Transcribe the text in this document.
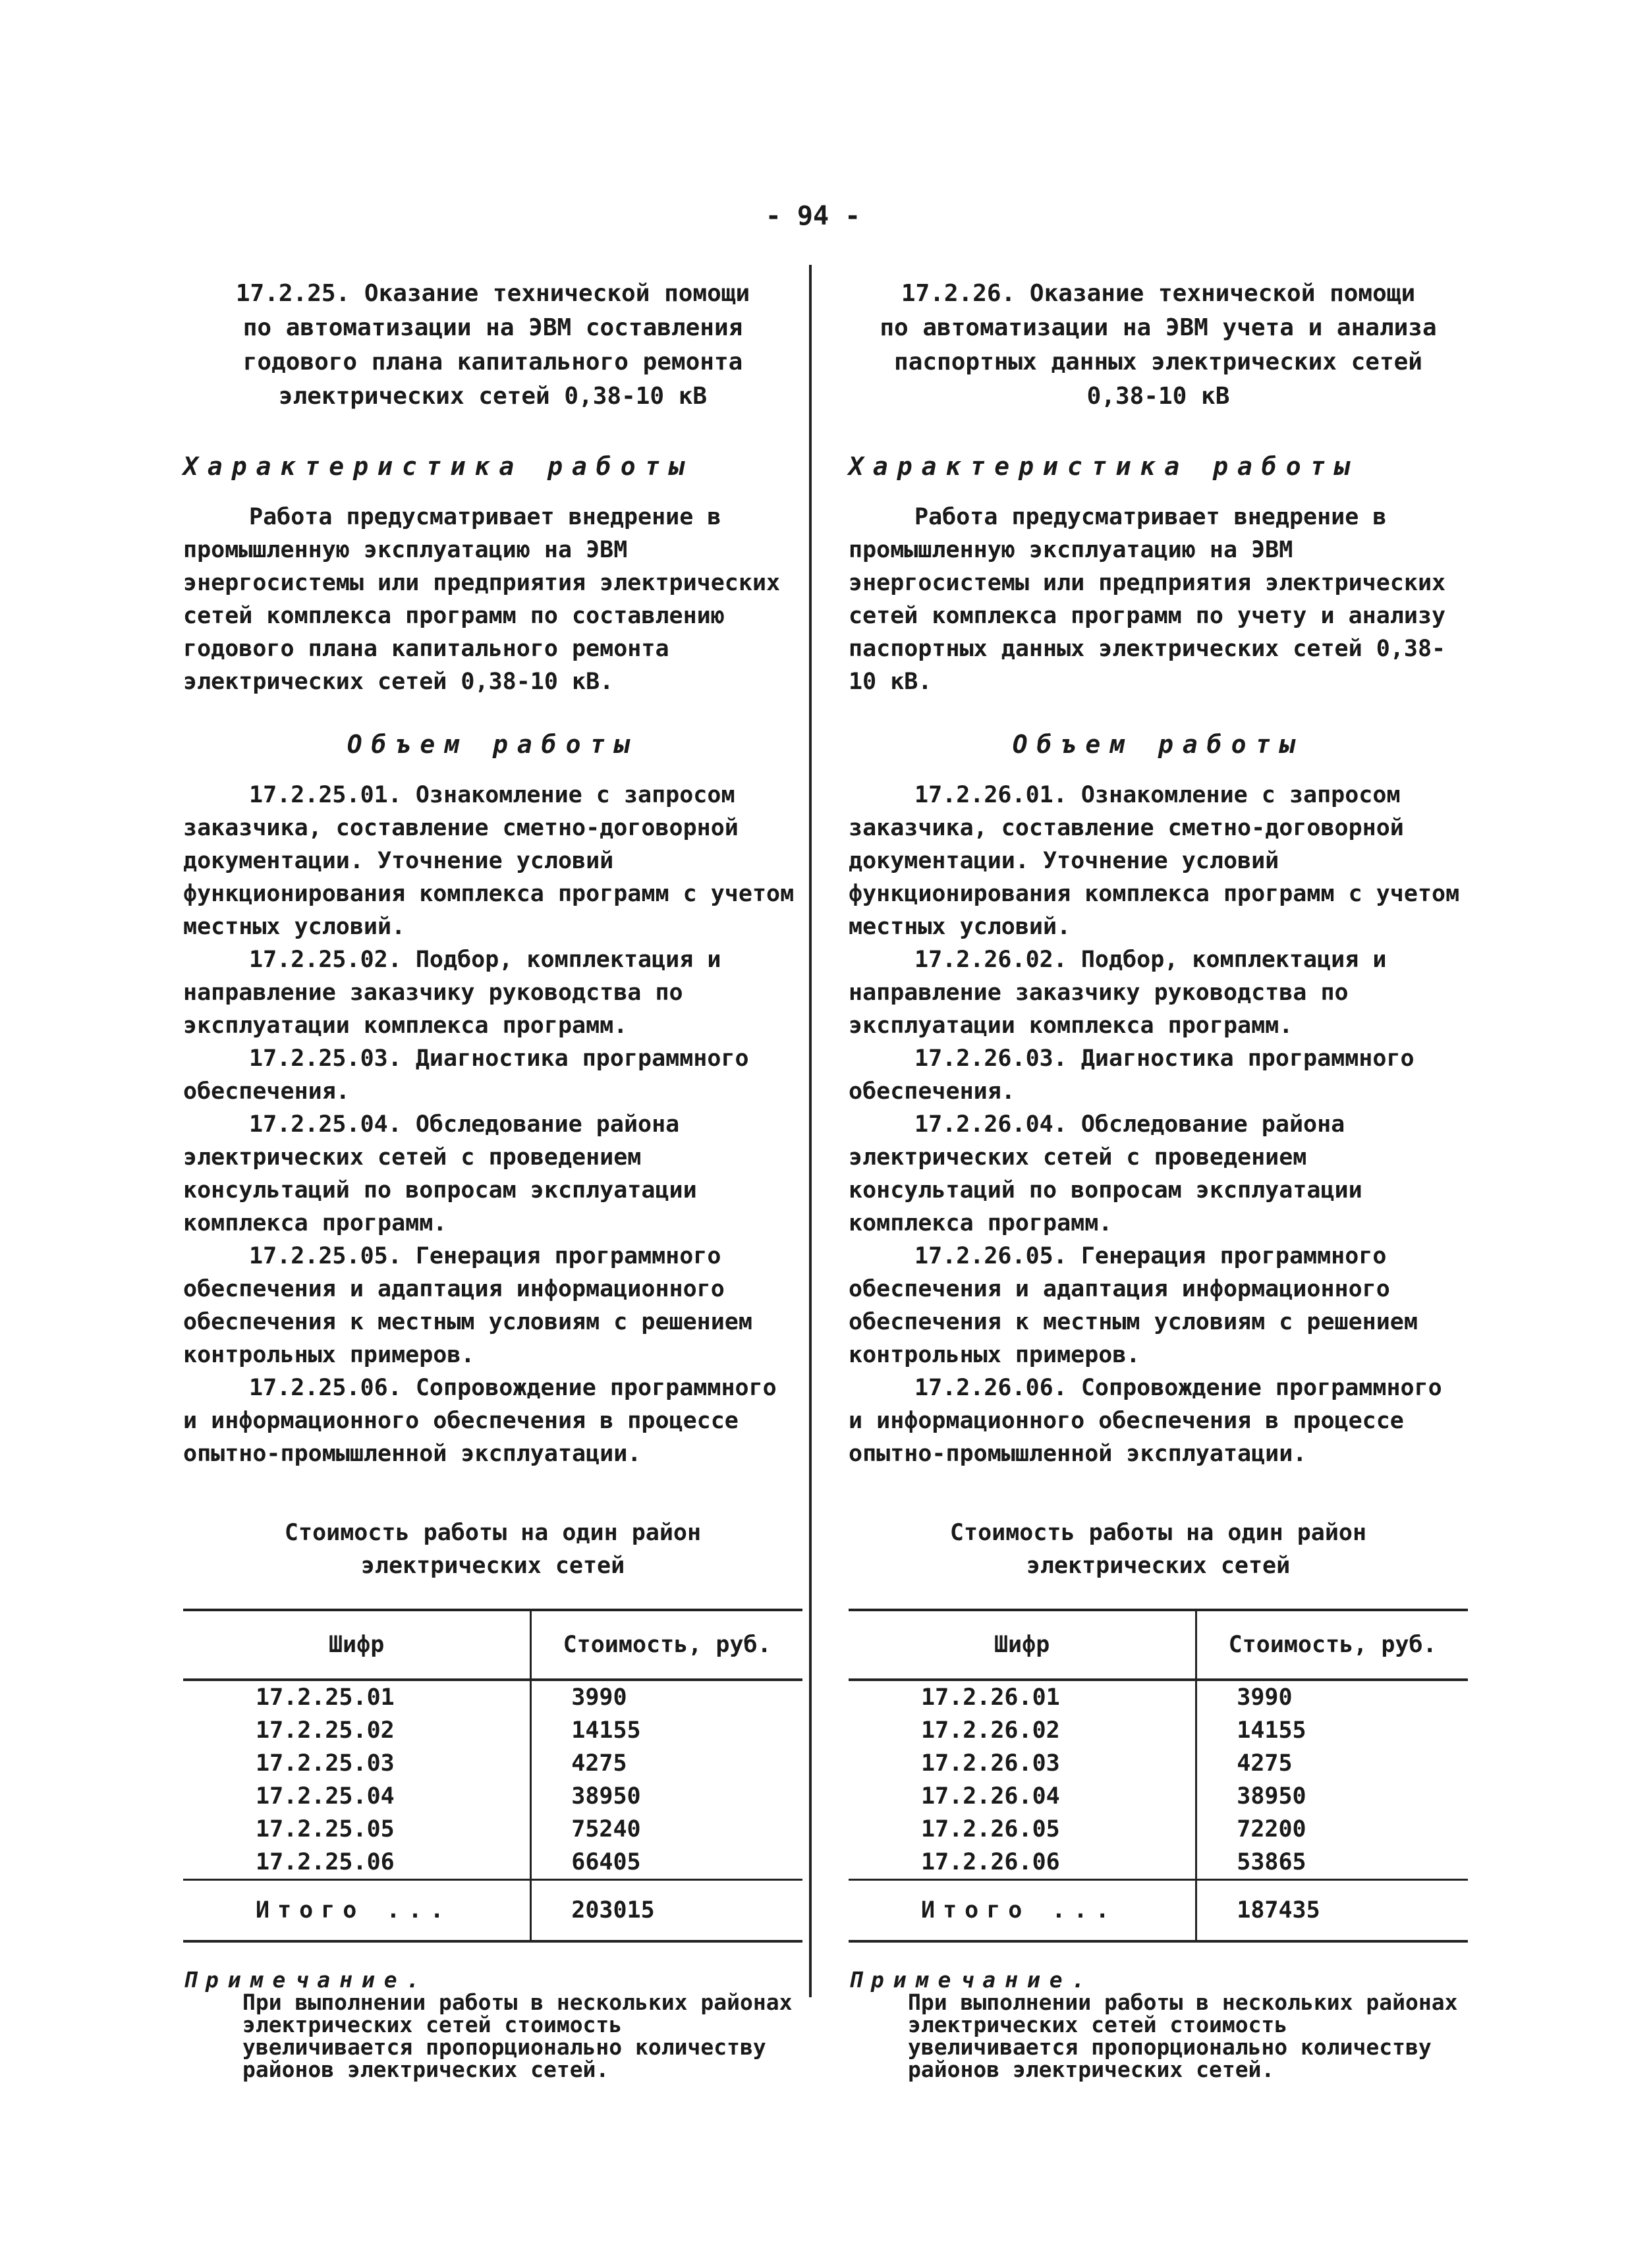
- 94 -
17.2.25. Оказание технической помощи
по автоматизации на ЭВМ составления
годового плана капитального ремонта
электрических сетей 0,38-10 кВ
Характеристика работы

Работа предусматривает внедрение в промышленную эксплуатацию на ЭВМ энергосистемы или предприятия электрических сетей комплекса программ по составлению годового плана капитального ремонта электрических сетей 0,38-10 кВ.

Объем работы

17.2.25.01. Ознакомление с запросом заказчика, составление сметно-договорной документации. Уточнение условий функционирования комплекса программ с учетом местных условий.

17.2.25.02. Подбор, комплектация и направление заказчику руководства по эксплуатации комплекса программ.

17.2.25.03. Диагностика программного обеспечения.

17.2.25.04. Обследование района электрических сетей с проведением консультаций по вопросам эксплуатации комплекса программ.

17.2.25.05. Генерация программного обеспечения и адаптация информационного обеспечения к местным условиям с решением контрольных примеров.

17.2.25.06. Сопровождение программного и информационного обеспечения в процессе опытно-промышленной эксплуатации.

Стоимость работы на один район
электрических сетей
Шифр	Стоимость, руб.
17.2.25.01	3990
17.2.25.02	14155
17.2.25.03	4275
17.2.25.04	38950
17.2.25.05	75240
17.2.25.06	66405
Итого ...	203015
Примечание.
При выполнении работы в нескольких районах электрических сетей стоимость увеличивается пропорционально количеству районов электрических сетей.
17.2.26. Оказание технической помощи
по автоматизации на ЭВМ учета и анализа
паспортных данных электрических сетей
0,38-10 кВ
Характеристика работы

Работа предусматривает внедрение в промышленную эксплуатацию на ЭВМ энергосистемы или предприятия электрических сетей комплекса программ по учету и анализу паспортных данных электрических сетей 0,38-10 кВ.

Объем работы

17.2.26.01. Ознакомление с запросом заказчика, составление сметно-договорной документации. Уточнение условий функционирования комплекса программ с учетом местных условий.

17.2.26.02. Подбор, комплектация и направление заказчику руководства по эксплуатации комплекса программ.

17.2.26.03. Диагностика программного обеспечения.

17.2.26.04. Обследование района электрических сетей с проведением консультаций по вопросам эксплуатации комплекса программ.

17.2.26.05. Генерация программного обеспечения и адаптация информационного обеспечения к местным условиям с решением контрольных примеров.

17.2.26.06. Сопровождение программного и информационного обеспечения в процессе опытно-промышленной эксплуатации.

Стоимость работы на один район
электрических сетей
Шифр	Стоимость, руб.
17.2.26.01	3990
17.2.26.02	14155
17.2.26.03	4275
17.2.26.04	38950
17.2.26.05	72200
17.2.26.06	53865
Итого ...	187435
Примечание.
При выполнении работы в нескольких районах электрических сетей стоимость увеличивается пропорционально количеству районов электрических сетей.
